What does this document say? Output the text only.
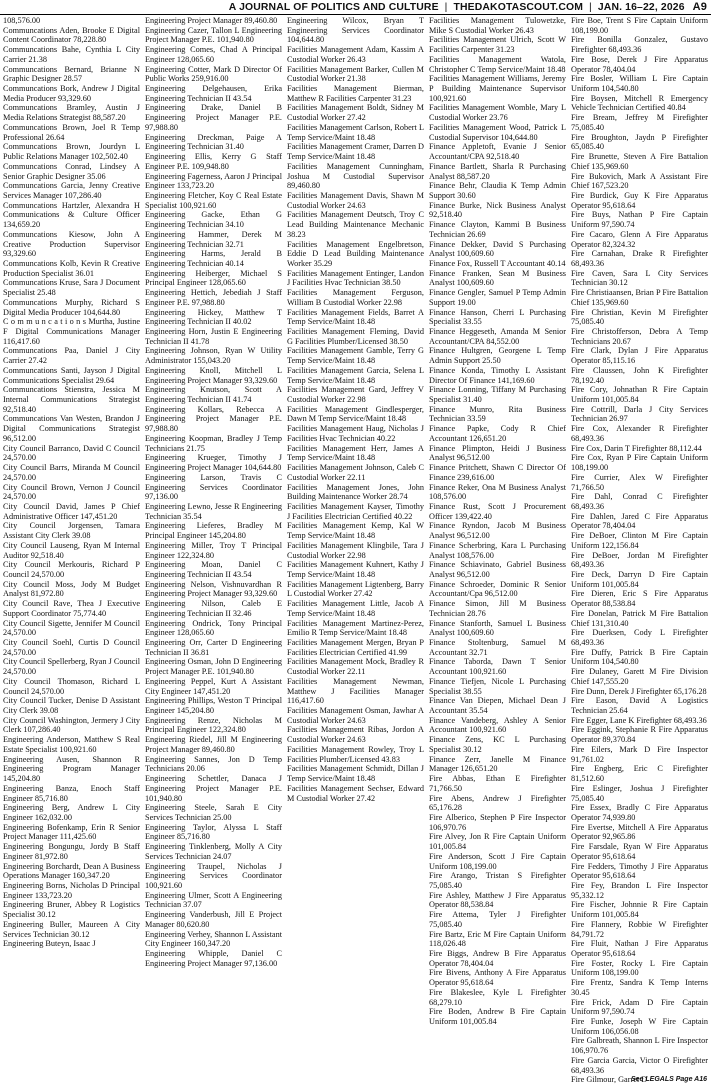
A JOURNAL OF POLITICS AND CULTURE | THEDAKOTASCOUT.COM | JAN. 16–22, 2026 A9

108,576.00

Communcations Aden, Brooke E Digital Content Coordinator 78,228.80

Communcations Bahe, Cynthia L City Carrier 21.38

Communcations Bernard, Brianne N Graphic Designer 28.57

Communcations Bork, Andrew J Digital Media Producer 93,329.60

Communcations Bramley, Austin J Media Relations Strategist 88,587.20

Communcations Brown, Joel R Temp Professional 26.64

Communcations Brown, Jourdyn L Public Relations Manager 102,502.40

Communcations Conrad, Lindsey A Senior Graphic Designer 35.06

Communcations Garcia, Jenny Creative Services Manager 107,286.40

Communcations Hartzler, Alexandra H Communications & Culture Officer 134,659.20

Communcations Kiesow, John A Creative Production Supervisor 93,329.60

Communcations Kolb, Kevin R Creative Production Specialist 36.01

Communcations Kruse, Sara J Document Specialist 25.48

Communcations Murphy, Richard S Digital Media Producer 104,644.80

C o m m u n c a t i o n s Murtha, Justine F Digital Communications Manager 116,417.60

Communcations Paa, Daniel J City Carrier 27.42

Communcations Santi, Jayson J Digital Communications Specialist 29.64

Communcations Stienstra, Jessica M Internal Communications Strategist 92,518.40

Communcations Van Westen, Brandon J Digital Communications Strategist 96,512.00

City Council Barranco, David C Council 24,570.00

City Council Barrs, Miranda M Council 24,570.00

City Council Brown, Vernon J Council 24,570.00

City Council David, James P Chief Administrative Officer 147,451.20

City Council Jorgensen, Tamara Assistant City Clerk 39.08

City Council Lauseng, Ryan M Internal Auditor 92,518.40

City Council Merkouris, Richard P Council 24,570.00

City Council Moss, Jody M Budget Analyst 81,972.80

City Council Rave, Thea J Executive Support Coordinator 75,774.40

City Council Sigette, Jennifer M Council 24,570.00

City Council Soehl, Curtis D Council 24,570.00

City Council Spellerberg, Ryan J Council 24,570.00

City Council Thomason, Richard L Council 24,570.00

City Council Tucker, Denise D Assistant City Clerk 39.08

City Council Washington, Jermery J City Clerk 107,286.40

Engineering Anderson, Matthew S Real Estate Specialist 100,921.60

Engineering Ausen, Shannon R Engineering Program Manager 145,204.80

Engineering Banza, Enoch Staff Engineer 85,716.80

Engineering Berg, Andrew L City Engineer 162,032.00

Engineering Bofenkamp, Erin R Senior Project Manager 111,425.60

Engineering Bongungu, Jordy B Staff Engineer 81,972.80

Engineering Borchardt, Dean A Business Operations Manager 160,347.20

Engineering Borns, Nicholas D Principal Engineer 133,723.20

Engineering Bruner, Abbey R Logistics Specialist 30.12

Engineering Buller, Maureen A City Services Technician 30.12

Engineering Buteyn, Isaac J

Engineering Project Manager 89,460.80

Engineering Cazer, Tallon L Engineering Project Manager P.E. 101,940.80

Engineering Comes, Chad A Principal Engineer 128,065.60

Engineering Cotter, Mark D Director Of Public Works 259,916.00

Engineering Delgehausen, Erika Engineering Technician II 43.54

Engineering Drake, Daniel B Engineering Project Manager P.E. 97,988.80

Engineering Dreckman, Paige A Engineering Technician 31.40

Engineering Ellis, Kerry G Staff Engineer P.E. 109,948.80

Engineering Fagerness, Aaron J Principal Engineer 133,723.20

Engineering Fletcher, Koy C Real Estate Specialist 100,921.60

Engineering Gacke, Ethan G Engineering Technician 34.10

Engineering Hammer, Derek M Engineering Technician 32.71

Engineering Harms, Jerald B Engineering Technician 40.14

Engineering Heiberger, Michael S Principal Engineer 128,065.60

Engineering Hettich, Jebediah J Staff Engineer P.E. 97,988.80

Engineering Hickey, Matthew T Engineering Technician II 40.02

Engineering Horn, Justin E Engineering Technician II 41.78

Engineering Johnson, Ryan W Utility Administrator 155,043.20

Engineering Knoll, Mitchell L Engineering Project Manager 93,329.60

Engineering Knutson, Scott A Engineering Technician II 41.74

Engineering Kollars, Rebecca A Engineering Project Manager P.E. 97,988.80

Engineering Koopman, Bradley J Temp Technicians 21.75

Engineering Krueger, Timothy J Engineering Project Manager 104,644.80

Engineering Larson, Travis C Engineering Services Coordinator 97,136.00

Engineering Lewno, Jesse R Engineering Technician 35.54

Engineering Lieferes, Bradley M Principal Engineer 145,204.80

Engineering Miller, Troy T Principal Engineer 122,324.80

Engineering Moan, Daniel C Engineering Technician II 43.54

Engineering Nelson, Vishnuvardhan R Engineering Project Manager 93,329.60

Engineering Nilson, Caleb E Engineering Technician II 32.46

Engineering Ondrick, Tony Principal Engineer 128,065.60

Engineering Orr, Carter D Engineering Technician II 36.81

Engineering Osman, John D Engineering Project Manager P.E. 101,940.80

Engineering Peppel, Kurt A Assistant City Engineer 147,451.20

Engineering Phillips, Weston T Principal Engineer 145,204.80

Engineering Renze, Nicholas M Principal Engineer 122,324.80

Engineering Riedel, Jill M Engineering Project Manager 89,460.80

Engineering Sannes, Jon D Temp Technicians 20.06

Engineering Schettler, Danaca J Engineering Project Manager P.E. 101,940.80

Engineering Steele, Sarah E City Services Technician 25.00

Engineering Taylor, Alyssa L Staff Engineer 85,716.80

Engineering Tinklenberg, Molly A City Services Technician 24.07

Engineering Traupel, Nicholas J Engineering Services Coordinator 100,921.60

Engineering Ulmer, Scott A Engineering Technician 37.07

Engineering Vanderbush, Jill E Project Manager 80,620.80

Engineering Verhey, Shannon L Assistant City Engineer 160,347.20

Engineering Whipple, Daniel C Engineering Project Manager 97,136.00

Engineering Wilcox, Bryan T Engineering Services Coordinator 104,644.80

Facilities Management Adam, Kassim A Custodial Worker 26.43

Facilities Management Barker, Cullen M Custodial Worker 21.38

Facilities Management Bierman, Matthew R Facilities Carpenter 31.23

Facilities Management Boldt, Sidney M Custodial Worker 27.42

Facilities Management Carlson, Robert L Temp Service/Maint 18.48

Facilities Management Cramer, Darren D Temp Service/Maint 18.48

Facilities Management Cunningham, Joshua M Custodial Supervisor 89,460.80

Facilities Management Davis, Shawn M Custodial Worker 24.63

Facilities Management Deutsch, Troy C Lead Building Maintenance Mechanic 38.23

Facilities Management Engelbretson, Eddie D Lead Building Maintenance Worker 35.29

Facilities Management Entinger, Landon J Facilities Hvac Technician 38.50

Facilities Management Ferguson, William B Custodial Worker 22.98

Facilities Management Fields, Barret A Temp Service/Maint 18.48

Facilities Management Fleming, David G Facilities Plumber/Licensed 38.50

Facilities Management Gamble, Terry G Temp Service/Maint 18.48

Facilities Management Garcia, Selena L Temp Service/Maint 18.48

Facilities Management Gard, Jeffrey V Custodial Worker 22.98

Facilities Management Gindlesperger, Dawn M Temp Service/Maint 18.48

Facilities Management Haug, Nicholas J Facilities Hvac Technician 40.22

Facilities Management Herr, James A Temp Service/Maint 18.48

Facilities Management Johnson, Caleb C Custodial Worker 22.11

Facilities Management Jones, John Building Maintenance Worker 28.74

Facilities Management Kayser, Timothy J Facilities Electrician Certified 40.22

Facilities Management Kemp, Kal W Temp Service/Maint 18.48

Facilities Management Klingbile, Tara J Custodial Worker 22.98

Facilities Management Kuhnert, Kathy J Temp Service/Maint 18.48

Facilities Management Ligtenberg, Barry L Custodial Worker 27.42

Facilities Management Little, Jacob A Temp Service/Maint 18.48

Facilities Management Martinez-Perez, Emilio R Temp Service/Maint 18.48

Facilities Management Mergen, Bryan P Facilities Electrician Certified 41.99

Facilities Management Mock, Bradley R Custodial Worker 22.11

Facilities Management Newman, Matthew J Facilities Manager 116,417.60

Facilities Management Osman, Jawhar A Custodial Worker 24.63

Facilities Management Ribas, Jordon A Custodial Worker 24.63

Facilities Management Rowley, Troy L Facilities Plumber/Licensed 43.83

Facilities Management Schmidt, Dillan J Temp Service/Maint 18.48

Facilities Management Sechser, Edward M Custodial Worker 27.42

Facilities Management Tulowetzke, Mike S Custodial Worker 26.43

Facilities Management Ulrich, Scott W Facilities Carpenter 31.23

Facilities Management Watola, Christopher C Temp Service/Maint 18.48

Facilities Management Williams, Jeremy P Building Maintenance Supervisor 100,921.60

Facilities Management Womble, Mary L Custodial Worker 23.76

Facilities Management Wood, Patrick L Custodial Supervisor 104,644.80

Finance Appletoft, Evanie J Senior Accountant/CPA 92,518.40

Finance Bartlett, Sharla R Purchasing Analyst 88,587.20

Finance Behr, Claudia K Temp Admin Support 30.60

Finance Burke, Nick Business Analyst 92,518.40

Finance Clayton, Kammi B Business Technician 26.69

Finance Dekker, David S Purchasing Analyst 100,609.60

Finance Fox, Russell T Accountant 40.14

Finance Franken, Sean M Business Analyst 100,609.60

Finance Gengler, Samuel P Temp Admin Support 19.00

Finance Hanson, Cherri L Purchasing Specialist 33.55

Finance Heggeseth, Amanda M Senior Accountant/CPA 84,552.00

Finance Hultgren, Georgene L Temp Admin Support 25.50

Finance Konda, Timothy L Assistant Director Of Finance 141,169.60

Finance Lonning, Tiffany M Purchasing Specialist 31.40

Finance Munro, Rita Business Technician 33.59

Finance Papke, Cody R Chief Accountant 126,651.20

Finance Plimpton, Heidi J Business Analyst 96,512.00

Finance Pritchett, Shawn C Director Of Finance 239,616.00

Finance Reker, Ona M Business Analyst 108,576.00

Finance Rust, Scott J Procurement Officer 139,422.40

Finance Ryndon, Jacob M Business Analyst 96,512.00

Finance Scherbring, Kara L Purchasing Analyst 108,576.00

Finance Schiavinato, Gabriel Business Analyst 96,512.00

Finance Schroeder, Dominic R Senior Accountant/Cpa 96,512.00

Finance Simon, Jill M Business Technician 28.76

Finance Stanforth, Samuel L Business Analyst 100,609.60

Finance Stoltenburg, Samuel M Accountant 32.71

Finance Taborda, Dawn T Senior Accountant 100,921.60

Finance Tiefjen, Nicole L Purchasing Specialist 38.55

Finance Van Diepen, Michael Dean J Accountant 35.54

Finance Vandeberg, Ashley A Senior Accountant 100,921.60

Finance Zens, KC L Purchasing Specialist 30.12

Finance Zerr, Janelle M Finance Manager 126,651.20

Fire Abbas, Ethan E Firefighter 71,766.50

Fire Abens, Andrew J Firefighter 65,176.28

Fire Alberico, Stephen P Fire Inspector 106,970.76

Fire Alvey, Jon R Fire Captain Uniform 101,005.84

Fire Anderson, Scott J Fire Captain Uniform 108,199.00

Fire Arango, Tristan S Firefighter 75,085.40

Fire Ashley, Matthew J Fire Apparatus Operator 88,538.84

Fire Attema, Tyler J Firefighter 75,085.40

Fire Bartz, Eric M Fire Captain Uniform 118,026.48

Fire Biggs, Andrew B Fire Apparatus Operator 78,404.04

Fire Bivens, Anthony A Fire Apparatus Operator 95,618.64

Fire Blakeslee, Kyle L Firefighter 68,279.10

Fire Boden, Andrew B Fire Captain Uniform 101,005.84

Fire Boe, Trent S Fire Captain Uniform 108,199.00

Fire Bonilla Gonzalez, Gustavo Firefighter 68,493.36

Fire Bose, Derek J Fire Apparatus Operator 78,404.04

Fire Bosler, William L Fire Captain Uniform 104,540.80

Fire Boysen, Mitchell R Emergency Vehicle Technician Certified 40.84

Fire Bream, Jeffrey M Firefighter 75,085.40

Fire Broughton, Jaydn P Firefighter 65,085.40

Fire Brunette, Steven A Fire Battalion Chief 135,969.60

Fire Bukovich, Mark A Assistant Fire Chief 167,523.20

Fire Burdick, Guy K Fire Apparatus Operator 95,618.64

Fire Buys, Nathan P Fire Captain Uniform 97,590.74

Fire Cacaro, Glenn A Fire Apparatus Operator 82,324.32

Fire Carnahan, Drake R Firefighter 68,493.36

Fire Caven, Sara L City Services Technician 30.12

Fire Christiaansen, Brian P Fire Battalion Chief 135,969.60

Fire Christian, Kevin M Firefighter 75,085.40

Fire Christofferson, Debra A Temp Technicians 20.67

Fire Clark, Dylan J Fire Apparatus Operator 85,115.16

Fire Claussen, John K Firefighter 78,192.40

Fire Cory, Johnathan R Fire Captain Uniform 101,005.84

Fire Cottrill, Darla J City Services Technician 26.97

Fire Cox, Alexander R Firefighter 68,493.36

Fire Cox, Darin T Firefighter 88,112.44

Fire Cox, Ryan P Fire Captain Uniform 108,199.00

Fire Currier, Alex W Firefighter 71,766.50

Fire Dahl, Conrad C Firefighter 68,493.36

Fire Dahlen, Jared C Fire Apparatus Operator 78,404.04

Fire DeBoer, Clinton M Fire Captain Uniform 122,156.84

Fire DeBoer, Jordan M Firefighter 68,493.36

Fire Deck, Darryn D Fire Captain Uniform 101,005.84

Fire Dieren, Eric S Fire Apparatus Operator 88,538.84

Fire Donelan, Patrick M Fire Battalion Chief 131,310.40

Fire Duerksen, Cody L Firefighter 68,493.36

Fire Duffy, Patrick B Fire Captain Uniform 104,540.80

Fire Dulaney, Garett M Fire Division Chief 147,555.20

Fire Dunn, Derek J Firefighter 65,176.28

Fire Eason, David A Logistics Technician 25.64

Fire Egger, Lane K Firefighter 68,493.36

Fire Eggink, Stephanie R Fire Apparatus Operator 89,370.84

Fire Eilers, Mark D Fire Inspector 91,761.02

Fire Engberg, Eric C Firefighter 81,512.60

Fire Eslinger, Joshua J Firefighter 75,085.40

Fire Essex, Bradly C Fire Apparatus Operator 74,939.80

Fire Evertse, Mitchell A Fire Apparatus Operator 92,965.86

Fire Farsdale, Ryan W Fire Apparatus Operator 95,618.64

Fire Fedders, Timothy J Fire Apparatus Operator 95,618.64

Fire Fey, Brandon L Fire Inspector 95,332.12

Fire Fischer, Johnnie R Fire Captain Uniform 101,005.84

Fire Flannery, Robbie W Firefighter 84,791.72

Fire Fluit, Nathan J Fire Apparatus Operator 95,618.64

Fire Foster, Rocky L Fire Captain Uniform 108,199.00

Fire Frentz, Sandra K Temp Interns 30.45

Fire Frick, Adam D Fire Captain Uniform 97,590.74

Fire Funke, Joseph W Fire Captain Uniform 106,056.08

Fire Galbreath, Shannon L Fire Inspector 106,970.76

Fire Garcia Garcia, Victor O Firefighter 68,493.36

Fire Gilmour, Garret D

See LEGALS Page A16
